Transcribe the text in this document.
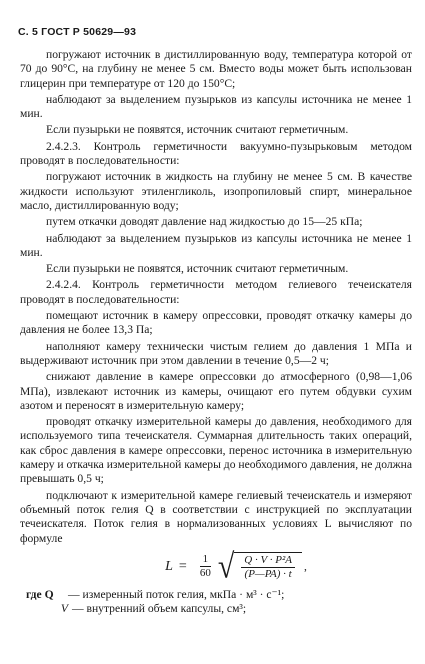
С. 5 ГОСТ Р 50629—93

погружают источник в дистиллированную воду, температура которой от 70 до 90°С, на глубину не менее 5 см. Вместо воды может быть использован глицерин при температуре от 120 до 150°С;

наблюдают за выделением пузырьков из капсулы источника не менее 1 мин.

Если пузырьки не появятся, источник считают герметичным.

2.4.2.3. Контроль герметичности вакуумно-пузырьковым методом проводят в последовательности:

погружают источник в жидкость на глубину не менее 5 см. В качестве жидкости используют этиленгликоль, изопропиловый спирт, минеральное масло, дистиллированную воду;

путем откачки доводят давление над жидкостью до 15—25 кПа;

наблюдают за выделением пузырьков из капсулы источника не менее 1 мин.

Если пузырьки не появятся, источник считают герметичным.

2.4.2.4. Контроль герметичности методом гелиевого течеискателя проводят в последовательности:

помещают источник в камеру опрессовки, проводят откачку камеры до давления не более 13,3 Па;

наполняют камеру технически чистым гелием до давления 1 МПа и выдерживают источник при этом давлении в течение 0,5—2 ч;

снижают давление в камере опрессовки до атмосферного (0,98—1,06 МПа), извлекают источник из камеры, очищают его путем обдувки сухим азотом и переносят в измерительную камеру;

проводят откачку измерительной камеры до давления, необходимого для используемого типа течеискателя. Суммарная длительность таких операций, как сброс давления в камере опрессовки, перенос источника в измерительную камеру и откачка измерительной камеры до необходимого давления, не должна превышать 0,5 ч;

подключают к измерительной камере гелиевый течеискатель и измеряют объемный поток гелия Q в соответствии с инструкцией по эксплуатации течеискателя. Поток гелия в нормализованных условиях L вычисляют по формуле

$L = \frac{1}{60}$ √ $\frac{\text{Q · V · P²A}}{(P—PA) \cdot t}$ ,
где Q	— измеренный поток гелия, мкПа · м³ · с⁻¹;
V — внутренний объем капсулы, см³;
